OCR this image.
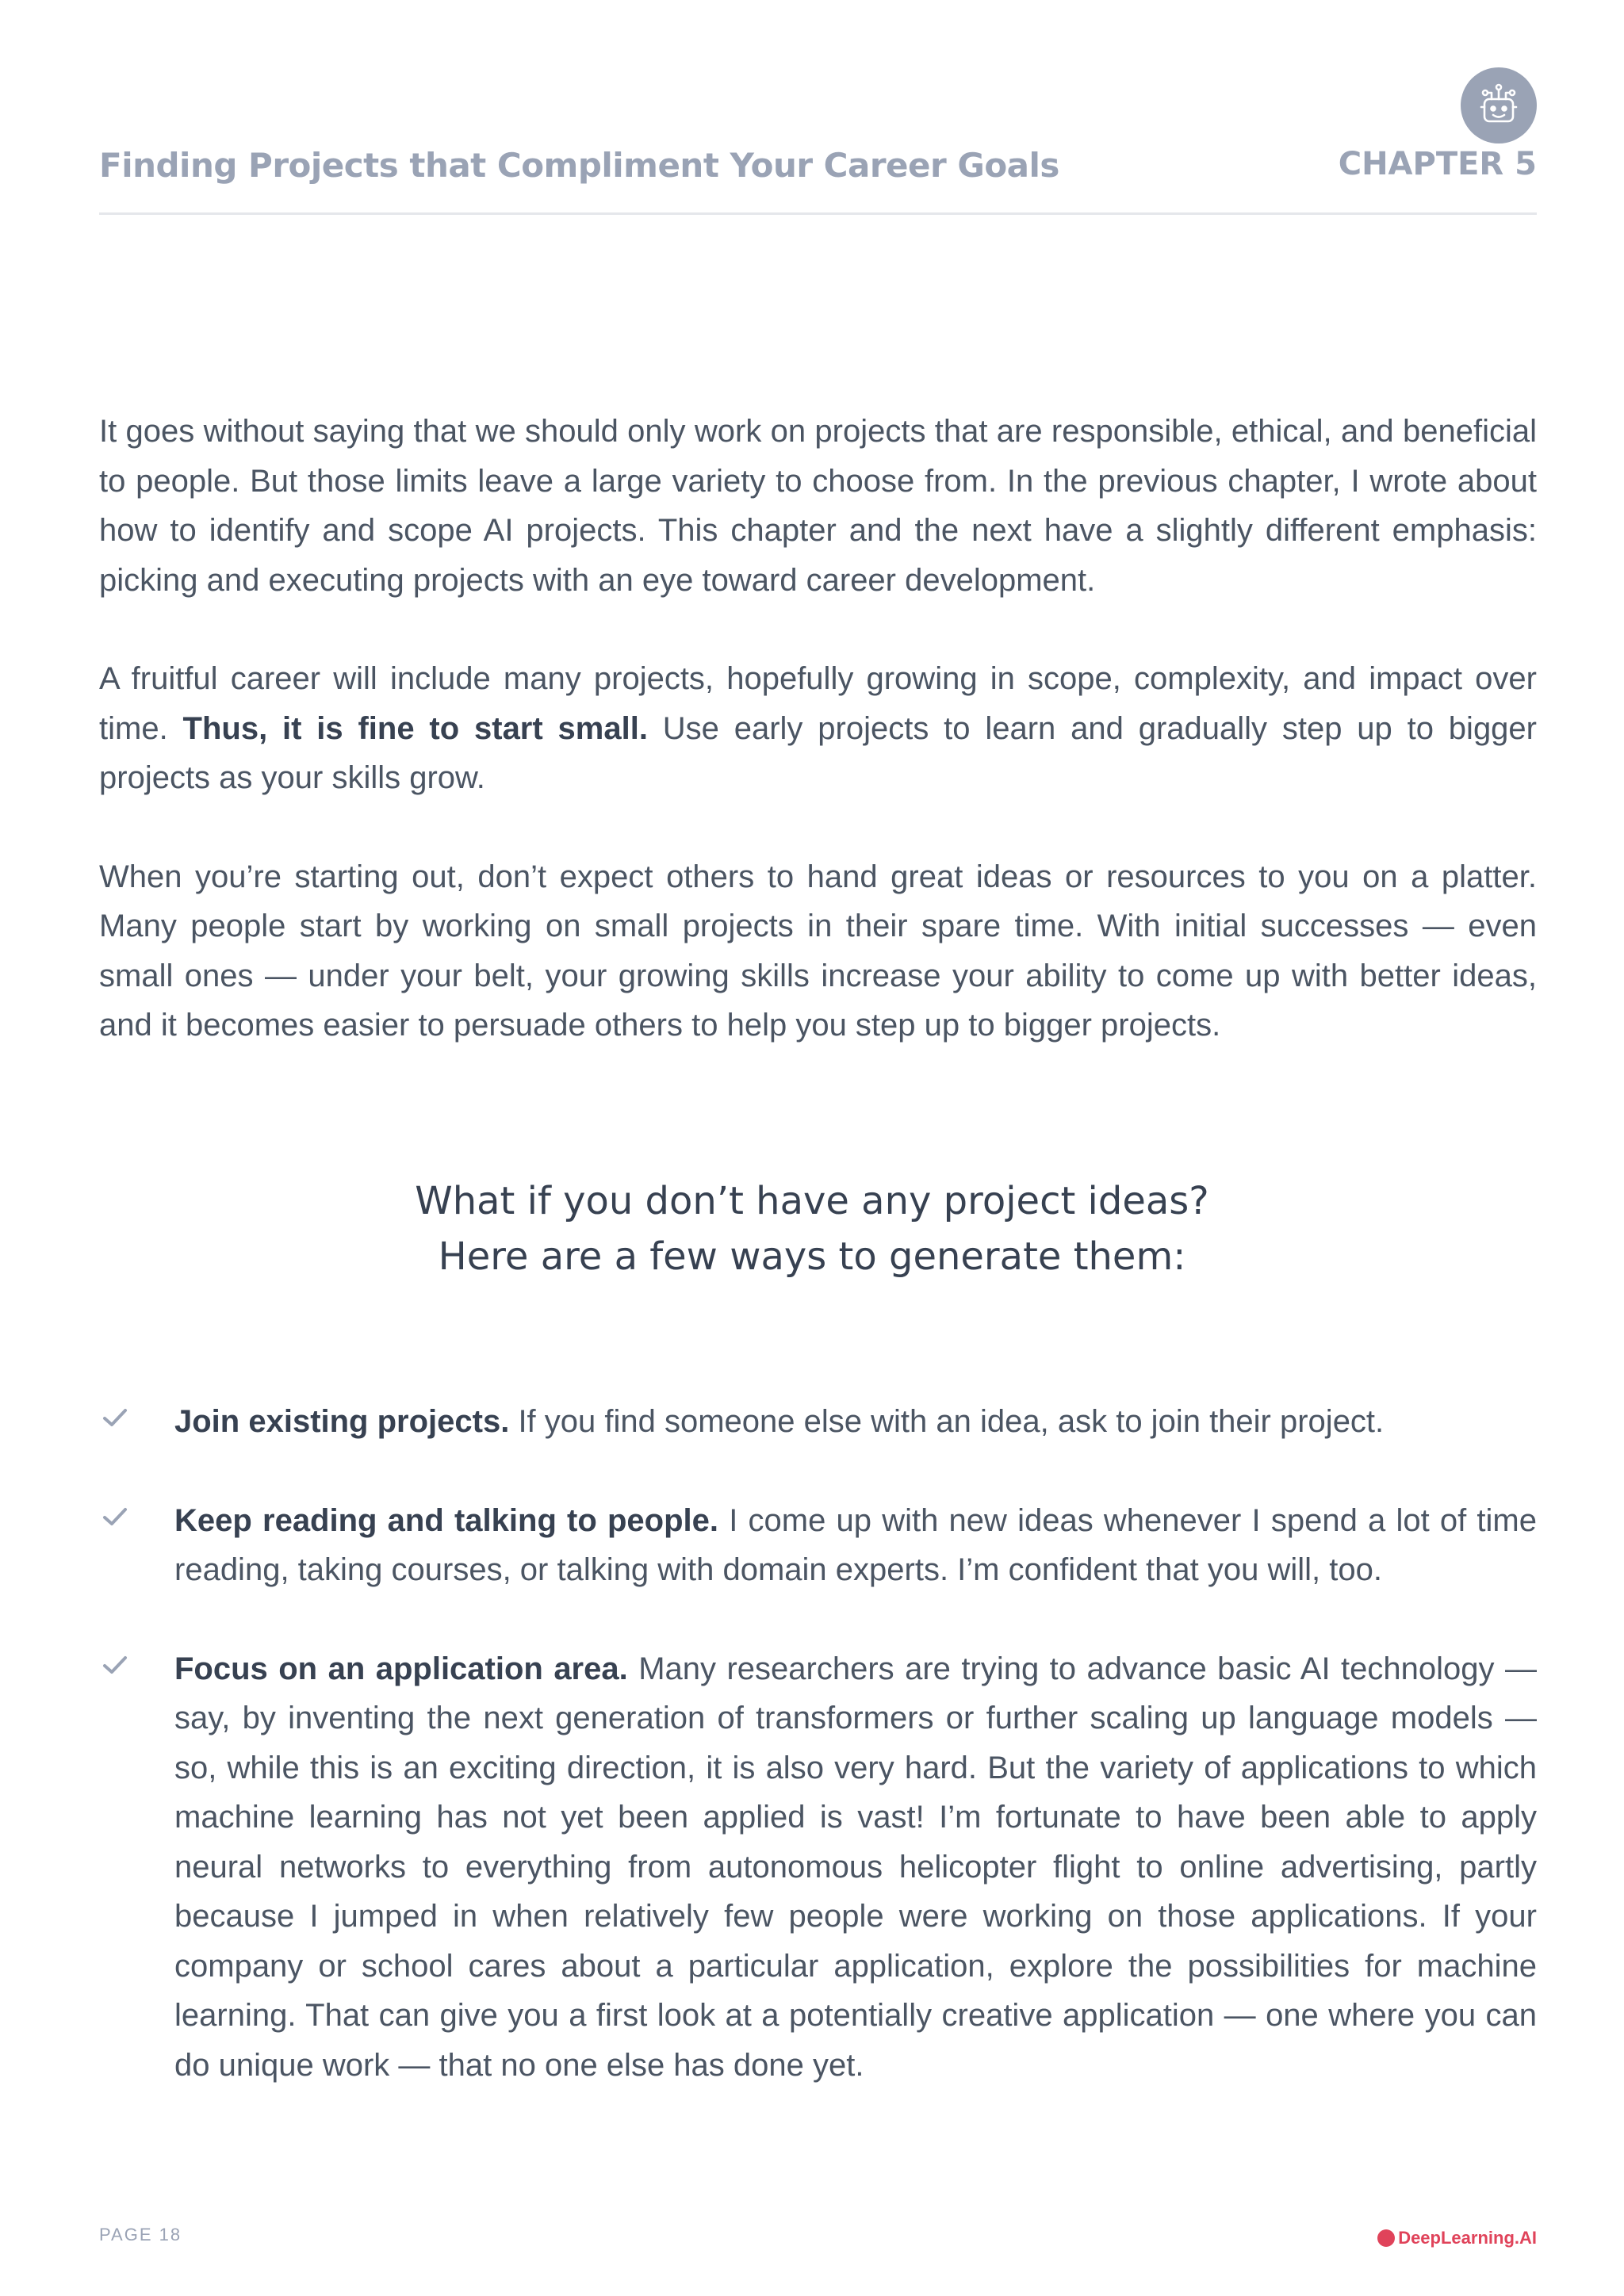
Finding Projects that Compliment Your Career Goals	CHAPTER 5

It goes without saying that we should only work on projects that are responsible, ethical, and beneficial to people. But those limits leave a large variety to choose from. In the previous chapter, I wrote about how to identify and scope AI projects. This chapter and the next have a slightly different emphasis: picking and executing projects with an eye toward career development.

A fruitful career will include many projects, hopefully growing in scope, complexity, and impact over time. Thus, it is fine to start small. Use early projects to learn and gradually step up to bigger projects as your skills grow.

When you’re starting out, don’t expect others to hand great ideas or resources to you on a platter. Many people start by working on small projects in their spare time. With initial successes — even small ones — under your belt, your growing skills increase your ability to come up with better ideas, and it becomes easier to persuade others to help you step up to bigger projects.

What if you don’t have any project ideas?
Here are a few ways to generate them:
Join existing projects. If you find someone else with an idea, ask to join their project.
Keep reading and talking to people. I come up with new ideas whenever I spend a lot of time reading, taking courses, or talking with domain experts. I’m confident that you will, too.
Focus on an application area. Many researchers are trying to advance basic AI technology — say, by inventing the next generation of transformers or further scaling up language models — so, while this is an exciting direction, it is also very hard. But the variety of applications to which machine learning has not yet been applied is vast! I’m fortunate to have been able to apply neural networks to everything from autonomous helicopter flight to online advertising, partly because I jumped in when relatively few people were working on those applications. If your company or school cares about a particular application, explore the possibilities for machine learning. That can give you a first look at a potentially creative application — one where you can do unique work — that no one else has done yet.
PAGE 18	DeepLearning.AI
